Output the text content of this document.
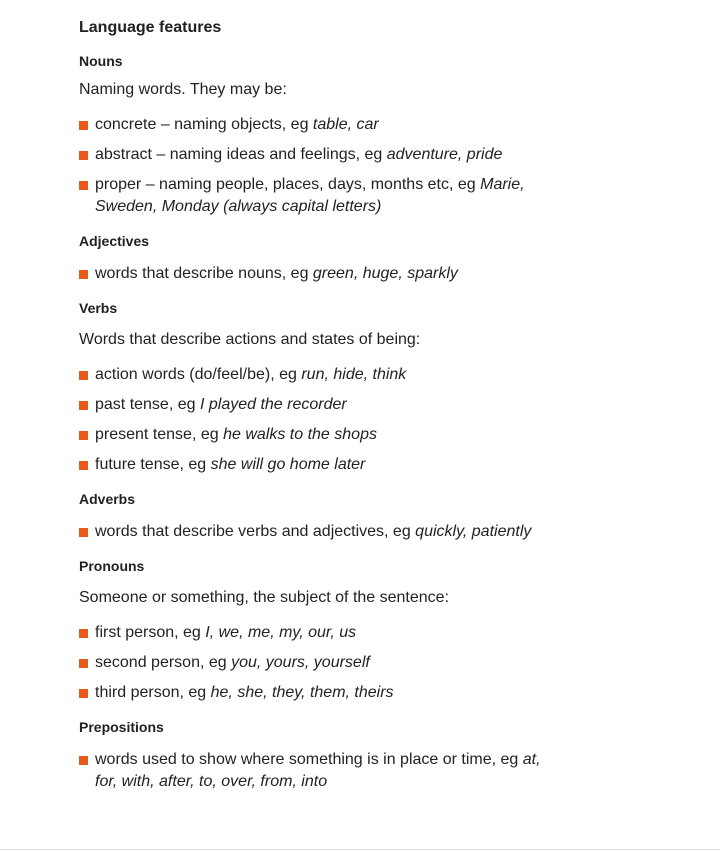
Language features
Nouns

Naming words. They may be:

concrete – naming objects, eg table, car
abstract – naming ideas and feelings, eg adventure, pride
proper – naming people, places, days, months etc, eg Marie, Sweden, Monday (always capital letters)
Adjectives
words that describe nouns, eg green, huge, sparkly
Verbs

Words that describe actions and states of being:

action words (do/feel/be), eg run, hide, think
past tense, eg I played the recorder
present tense, eg he walks to the shops
future tense, eg she will go home later
Adverbs
words that describe verbs and adjectives, eg quickly, patiently
Pronouns

Someone or something, the subject of the sentence:

first person, eg I, we, me, my, our, us
second person, eg you, yours, yourself
third person, eg he, she, they, them, theirs
Prepositions
words used to show where something is in place or time, eg at, for, with, after, to, over, from, into
